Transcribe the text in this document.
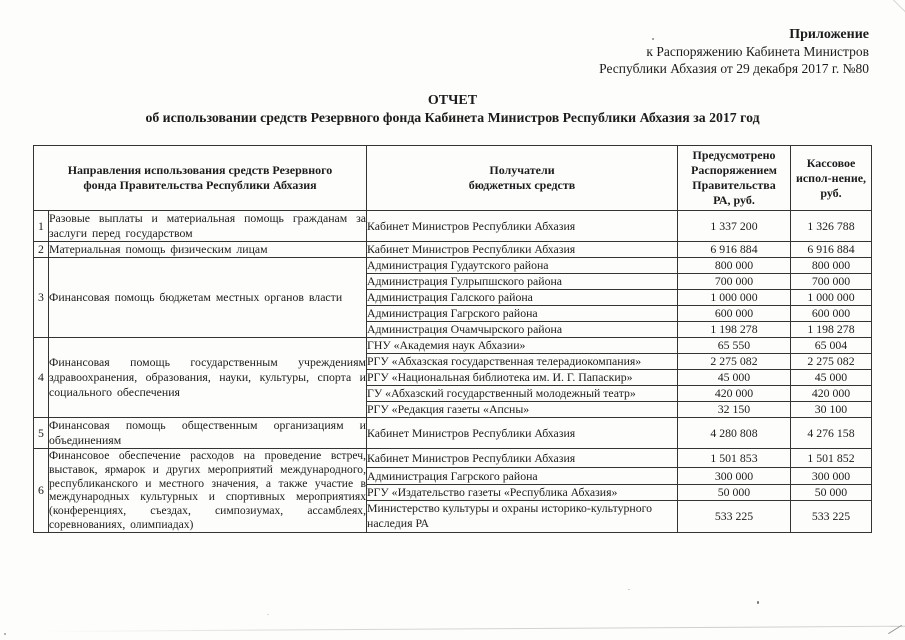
Приложение
к Распоряжению Кабинета Министров
Республики Абхазия от 29 декабря 2017 г. №80
ОТЧЕТ
об использовании средств Резервного фонда Кабинета Министров Республики Абхазия за 2017 год
Направления использования средств Резервного фонда Правительства Республики Абхазия		Получатели бюджетных средств	Предусмотрено Распоряжением Правительства РА, руб.	Кассовое испол-нение, руб.

1	Разовые выплаты и материальная помощь гражданам за заслуги перед государством	Кабинет Министров Республики Абхазия	1 337 200	1 326 788
2	Материальная помощь физическим лицам	Кабинет Министров Республики Абхазия	6 916 884	6 916 884
3	Финансовая помощь бюджетам местных органов власти	Администрация Гудаутского района	800 000	800 000
		Администрация Гулрыпшского района	700 000	700 000
		Администрация Галского района	1 000 000	1 000 000
		Администрация Гагрского района	600 000	600 000
		Администрация Очамчырского района	1 198 278	1 198 278
4	Финансовая помощь государственным учреждениям здравоохранения, образования, науки, культуры, спорта и социального обеспечения	ГНУ «Академия наук Абхазии»	65 550	65 004
		РГУ «Абхазская государственная телерадиокомпания»	2 275 082	2 275 082
		РГУ «Национальная библиотека им. И. Г. Папаскир»	45 000	45 000
		ГУ «Абхазский государственный молодежный театр»	420 000	420 000
		РГУ «Редакция газеты «Апсны»	32 150	30 100
5	Финансовая помощь общественным организациям и объединениям	Кабинет Министров Республики Абхазия	4 280 808	4 276 158
6	Финансовое обеспечение расходов на проведение встреч, выставок, ярмарок и других мероприятий международного, республиканского и местного значения, а также участие в международных культурных и спортивных мероприятиях (конференциях, съездах, симпозиумах, ассамблеях, соревнованиях, олимпиадах)	Кабинет Министров Республики Абхазия	1 501 853	1 501 852
		Администрация Гагрского района	300 000	300 000
		РГУ «Издательство газеты «Республика Абхазия»	50 000	50 000
		Министерство культуры и охраны историко-культурного наследия РА	533 225	533 225
